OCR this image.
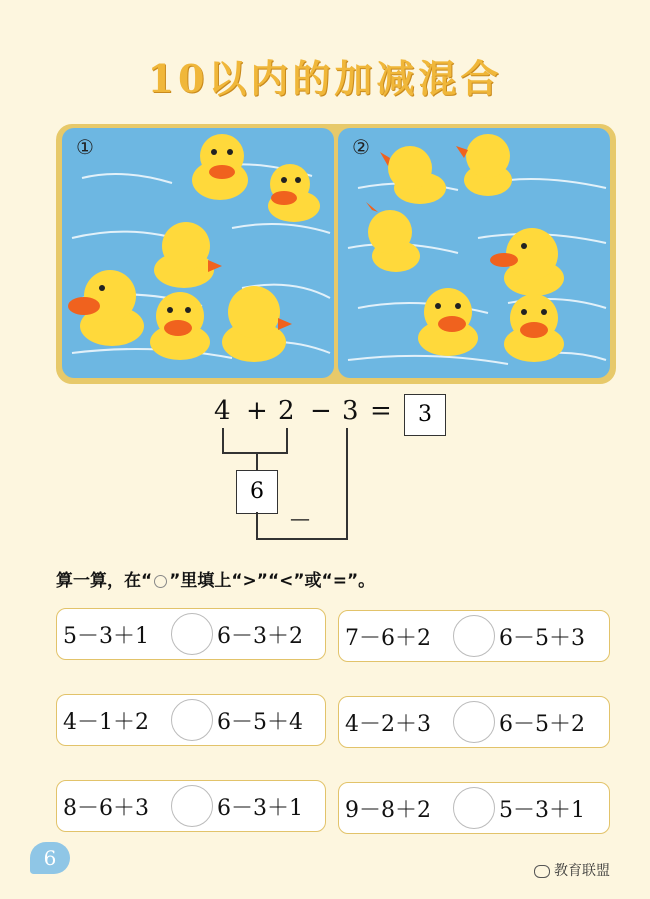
10以内的加减混合
①	②
4 + 2 − 3 =	3
6
—
算一算，在“ ”里填上“>”“<”或“=”。
5－3＋1	6－3＋2 7－6＋2	6－5＋3
4－1＋2	6－5＋4 4－2＋3	6－5＋2
8－6＋3	6－3＋1 9－8＋2	5－3＋1
6
教育联盟
